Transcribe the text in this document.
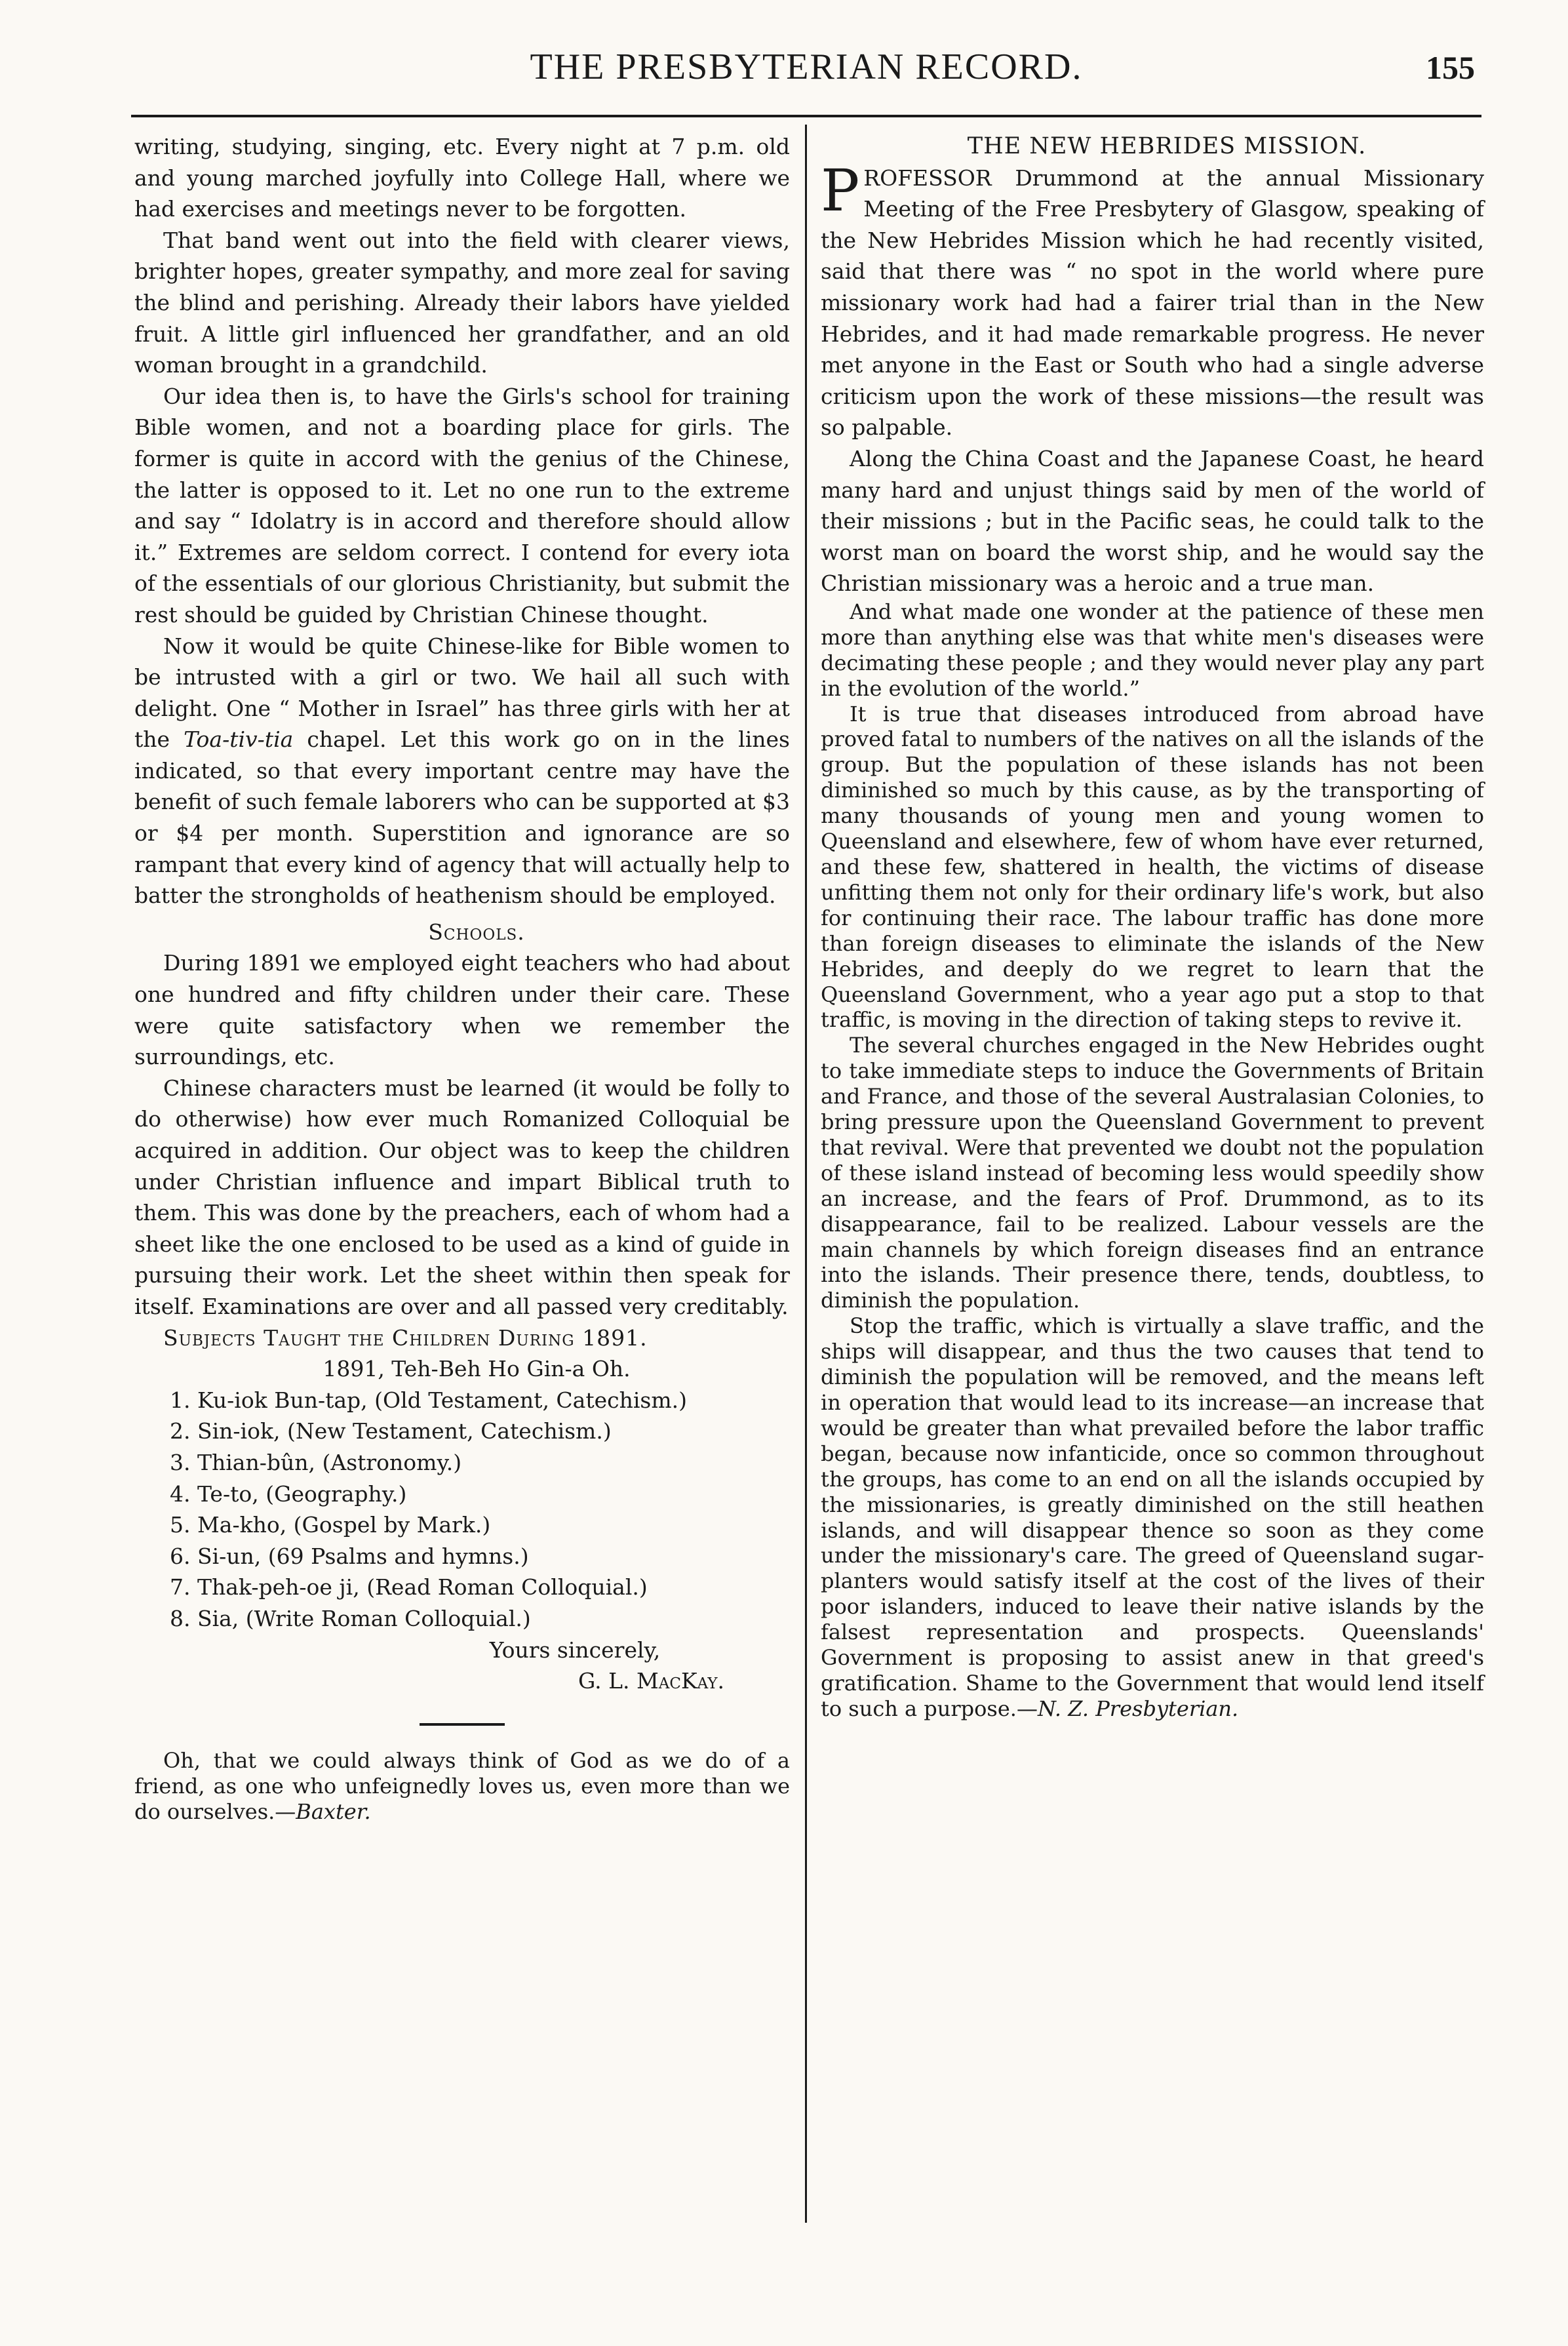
THE PRESBYTERIAN RECORD.	155

writing, studying, singing, etc. Every night at 7 p.m. old and young marched joyfully into College Hall, where we had exercises and meetings never to be forgotten.

That band went out into the field with clearer views, brighter hopes, greater sympathy, and more zeal for saving the blind and perishing. Already their labors have yielded fruit. A little girl influenced her grandfather, and an old woman brought in a grandchild.

Our idea then is, to have the Girls's school for training Bible women, and not a boarding place for girls. The former is quite in accord with the genius of the Chinese, the latter is opposed to it. Let no one run to the extreme and say “ Idolatry is in accord and therefore should allow it.” Extremes are seldom correct. I contend for every iota of the essentials of our glorious Christianity, but submit the rest should be guided by Christian Chinese thought.

Now it would be quite Chinese-like for Bible women to be intrusted with a girl or two. We hail all such with delight. One “ Mother in Israel” has three girls with her at the Toa-tiv-tia chapel. Let this work go on in the lines indicated, so that every important centre may have the benefit of such female laborers who can be supported at $3 or $4 per month. Superstition and ignorance are so rampant that every kind of agency that will actually help to batter the strongholds of heathenism should be employed.

Schools.

During 1891 we employed eight teachers who had about one hundred and fifty children under their care. These were quite satisfactory when we remember the surroundings, etc.

Chinese characters must be learned (it would be folly to do otherwise) how ever much Romanized Colloquial be acquired in addition. Our object was to keep the children under Christian influence and impart Biblical truth to them. This was done by the preachers, each of whom had a sheet like the one enclosed to be used as a kind of guide in pursuing their work. Let the sheet within then speak for itself. Examinations are over and all passed very creditably.

Subjects Taught the Children During 1891.

1891, Teh-Beh Ho Gin-a Oh.

1. Ku-iok Bun-tap, (Old Testament, Catechism.)
2. Sin-iok, (New Testament, Catechism.)
3. Thian-bûn, (Astronomy.)
4. Te-to, (Geography.)
5. Ma-kho, (Gospel by Mark.)
6. Si-un, (69 Psalms and hymns.)
7. Thak-peh-oe ji, (Read Roman Colloquial.)
8. Sia, (Write Roman Colloquial.)

Yours sincerely,

G. L. MacKay.

Oh, that we could always think of God as we do of a friend, as one who unfeignedly loves us, even more than we do ourselves.—Baxter.

THE NEW HEBRIDES MISSION.

PROFESSOR Drummond at the annual Missionary Meeting of the Free Presbytery of Glasgow, speaking of the New Hebrides Mission which he had recently visited, said that there was “ no spot in the world where pure missionary work had had a fairer trial than in the New Hebrides, and it had made remarkable progress. He never met anyone in the East or South who had a single adverse criticism upon the work of these missions—the result was so palpable.

Along the China Coast and the Japanese Coast, he heard many hard and unjust things said by men of the world of their missions ; but in the Pacific seas, he could talk to the worst man on board the worst ship, and he would say the Christian missionary was a heroic and a true man.

And what made one wonder at the patience of these men more than anything else was that white men's diseases were decimating these people ; and they would never play any part in the evolution of the world.”

It is true that diseases introduced from abroad have proved fatal to numbers of the natives on all the islands of the group. But the population of these islands has not been diminished so much by this cause, as by the transporting of many thousands of young men and young women to Queensland and elsewhere, few of whom have ever returned, and these few, shattered in health, the victims of disease unfitting them not only for their ordinary life's work, but also for continuing their race. The labour traffic has done more than foreign diseases to eliminate the islands of the New Hebrides, and deeply do we regret to learn that the Queensland Government, who a year ago put a stop to that traffic, is moving in the direction of taking steps to revive it.

The several churches engaged in the New Hebrides ought to take immediate steps to induce the Governments of Britain and France, and those of the several Australasian Colonies, to bring pressure upon the Queensland Government to prevent that revival. Were that prevented we doubt not the population of these island instead of becoming less would speedily show an increase, and the fears of Prof. Drummond, as to its disappearance, fail to be realized. Labour vessels are the main channels by which foreign diseases find an entrance into the islands. Their presence there, tends, doubtless, to diminish the population.

Stop the traffic, which is virtually a slave traffic, and the ships will disappear, and thus the two causes that tend to diminish the population will be removed, and the means left in operation that would lead to its increase—an increase that would be greater than what prevailed before the labor traffic began, because now infanticide, once so common throughout the groups, has come to an end on all the islands occupied by the missionaries, is greatly diminished on the still heathen islands, and will disappear thence so soon as they come under the missionary's care. The greed of Queensland sugar-planters would satisfy itself at the cost of the lives of their poor islanders, induced to leave their native islands by the falsest representation and prospects. Queenslands' Government is proposing to assist anew in that greed's gratification. Shame to the Government that would lend itself to such a purpose.—N. Z. Presbyterian.
